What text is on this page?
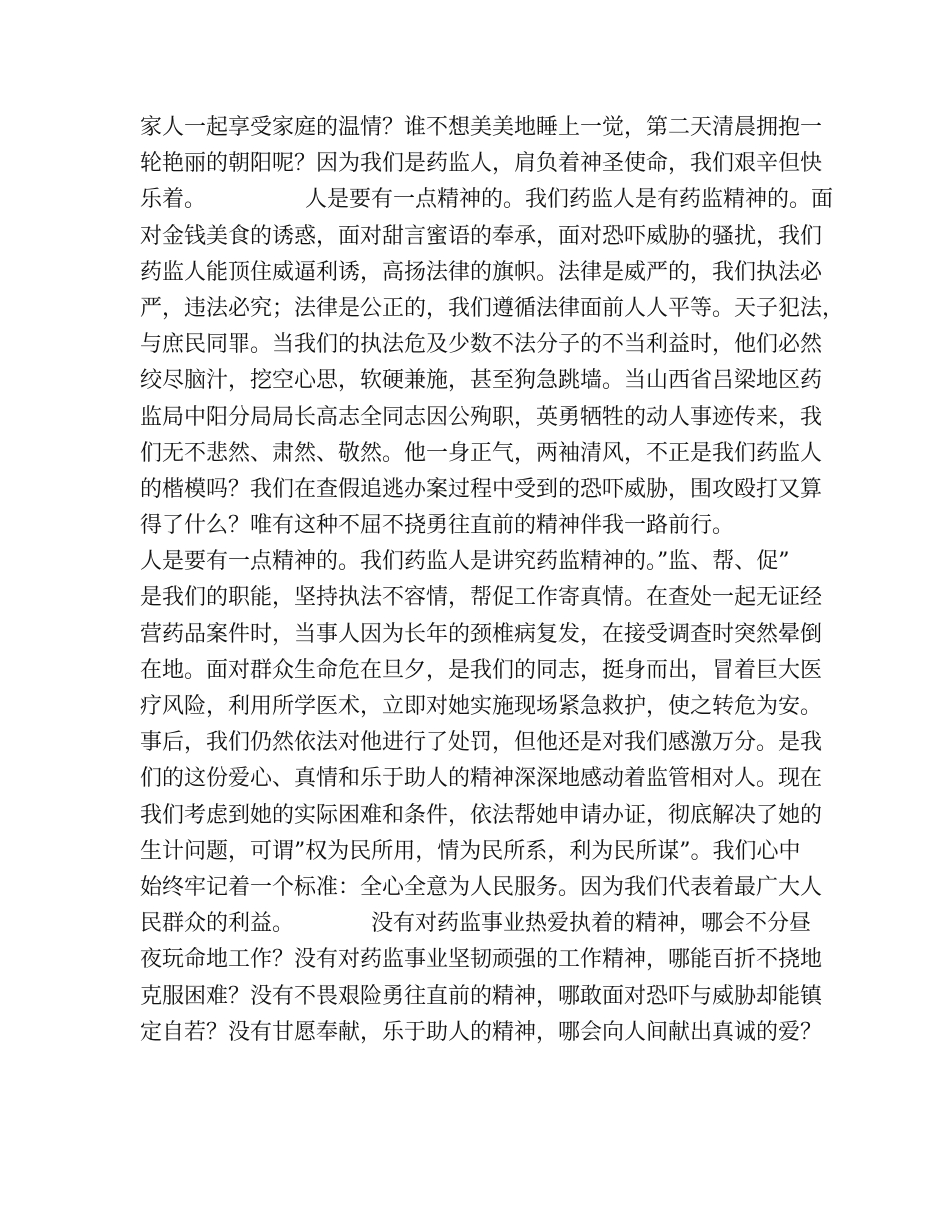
家人一起享受家庭的温情？谁不想美美地睡上一觉，第二天清晨拥抱一
轮艳丽的朝阳呢？因为我们是药监人，肩负着神圣使命，我们艰辛但快
乐着。　　　　　人是要有一点精神的。我们药监人是有药监精神的。面
对金钱美食的诱惑，面对甜言蜜语的奉承，面对恐吓威胁的骚扰，我们
药监人能顶住威逼利诱，高扬法律的旗帜。法律是威严的，我们执法必
严，违法必究；法律是公正的，我们遵循法律面前人人平等。天子犯法，
与庶民同罪。当我们的执法危及少数不法分子的不当利益时，他们必然
绞尽脑汁，挖空心思，软硬兼施，甚至狗急跳墙。当山西省吕梁地区药
监局中阳分局局长高志全同志因公殉职，英勇牺牲的动人事迹传来，我
们无不悲然、肃然、敬然。他一身正气，两袖清风，不正是我们药监人
的楷模吗？我们在查假追逃办案过程中受到的恐吓威胁，围攻殴打又算
得了什么？唯有这种不屈不挠勇往直前的精神伴我一路前行。
人是要有一点精神的。我们药监人是讲究药监精神的。”监、帮、促”
是我们的职能，坚持执法不容情，帮促工作寄真情。在查处一起无证经
营药品案件时，当事人因为长年的颈椎病复发，在接受调查时突然晕倒
在地。面对群众生命危在旦夕，是我们的同志，挺身而出，冒着巨大医
疗风险，利用所学医术，立即对她实施现场紧急救护，使之转危为安。
事后，我们仍然依法对他进行了处罚，但他还是对我们感激万分。是我
们的这份爱心、真情和乐于助人的精神深深地感动着监管相对人。现在
我们考虑到她的实际困难和条件，依法帮她申请办证，彻底解决了她的
生计问题，可谓”权为民所用，情为民所系，利为民所谋”。我们心中
始终牢记着一个标准：全心全意为人民服务。因为我们代表着最广大人
民群众的利益。　　　　没有对药监事业热爱执着的精神，哪会不分昼
夜玩命地工作？没有对药监事业坚韧顽强的工作精神，哪能百折不挠地
克服困难？没有不畏艰险勇往直前的精神，哪敢面对恐吓与威胁却能镇
定自若？没有甘愿奉献，乐于助人的精神，哪会向人间献出真诚的爱？
